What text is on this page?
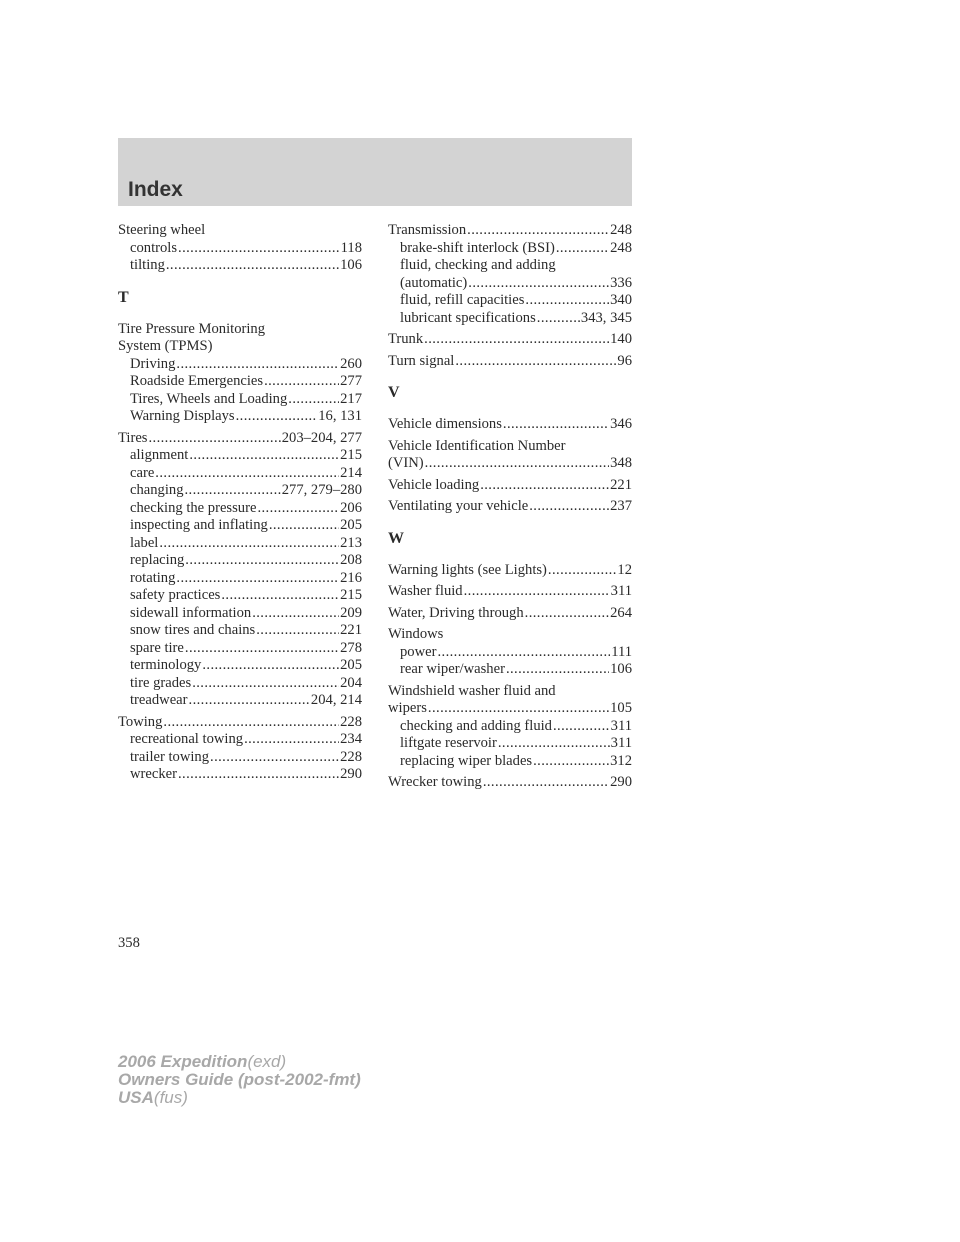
Index
Steering wheel
controls .....	118
tilting .....	106
T
Tire Pressure Monitoring
System (TPMS)
Driving .....	260
Roadside Emergencies .....	277
Tires, Wheels and Loading .....	217
Warning Displays .....	16, 131
Tires .....	203–204, 277
alignment .....	215
care .....	214
changing .....	277, 279–280
checking the pressure .....	206
inspecting and inflating .....	205
label .....	213
replacing .....	208
rotating .....	216
safety practices .....	215
sidewall information .....	209
snow tires and chains .....	221
spare tire .....	278
terminology .....	205
tire grades .....	204
treadwear .....	204, 214
Towing .....	228
recreational towing .....	234
trailer towing .....	228
wrecker .....	290
Transmission .....	248
brake-shift interlock (BSI) .....	248
fluid, checking and adding
(automatic) .....	336
fluid, refill capacities .....	340
lubricant specifications .....	.343, 345
Trunk .....	140
Turn signal .....	96
V
Vehicle dimensions .....	346
Vehicle Identification Number
(VIN) .....	348
Vehicle loading .....	221
Ventilating your vehicle .....	237
W
Warning lights (see Lights) .....	12
Washer fluid .....	311
Water, Driving through .....	264
Windows
power .....	111
rear wiper/washer .....	106
Windshield washer fluid and
wipers .....	105
checking and adding fluid .....	311
liftgate reservoir .....	311
replacing wiper blades .....	312
Wrecker towing .....	290
358
2006 Expedition(exd)
Owners Guide (post-2002-fmt)
USA(fus)
